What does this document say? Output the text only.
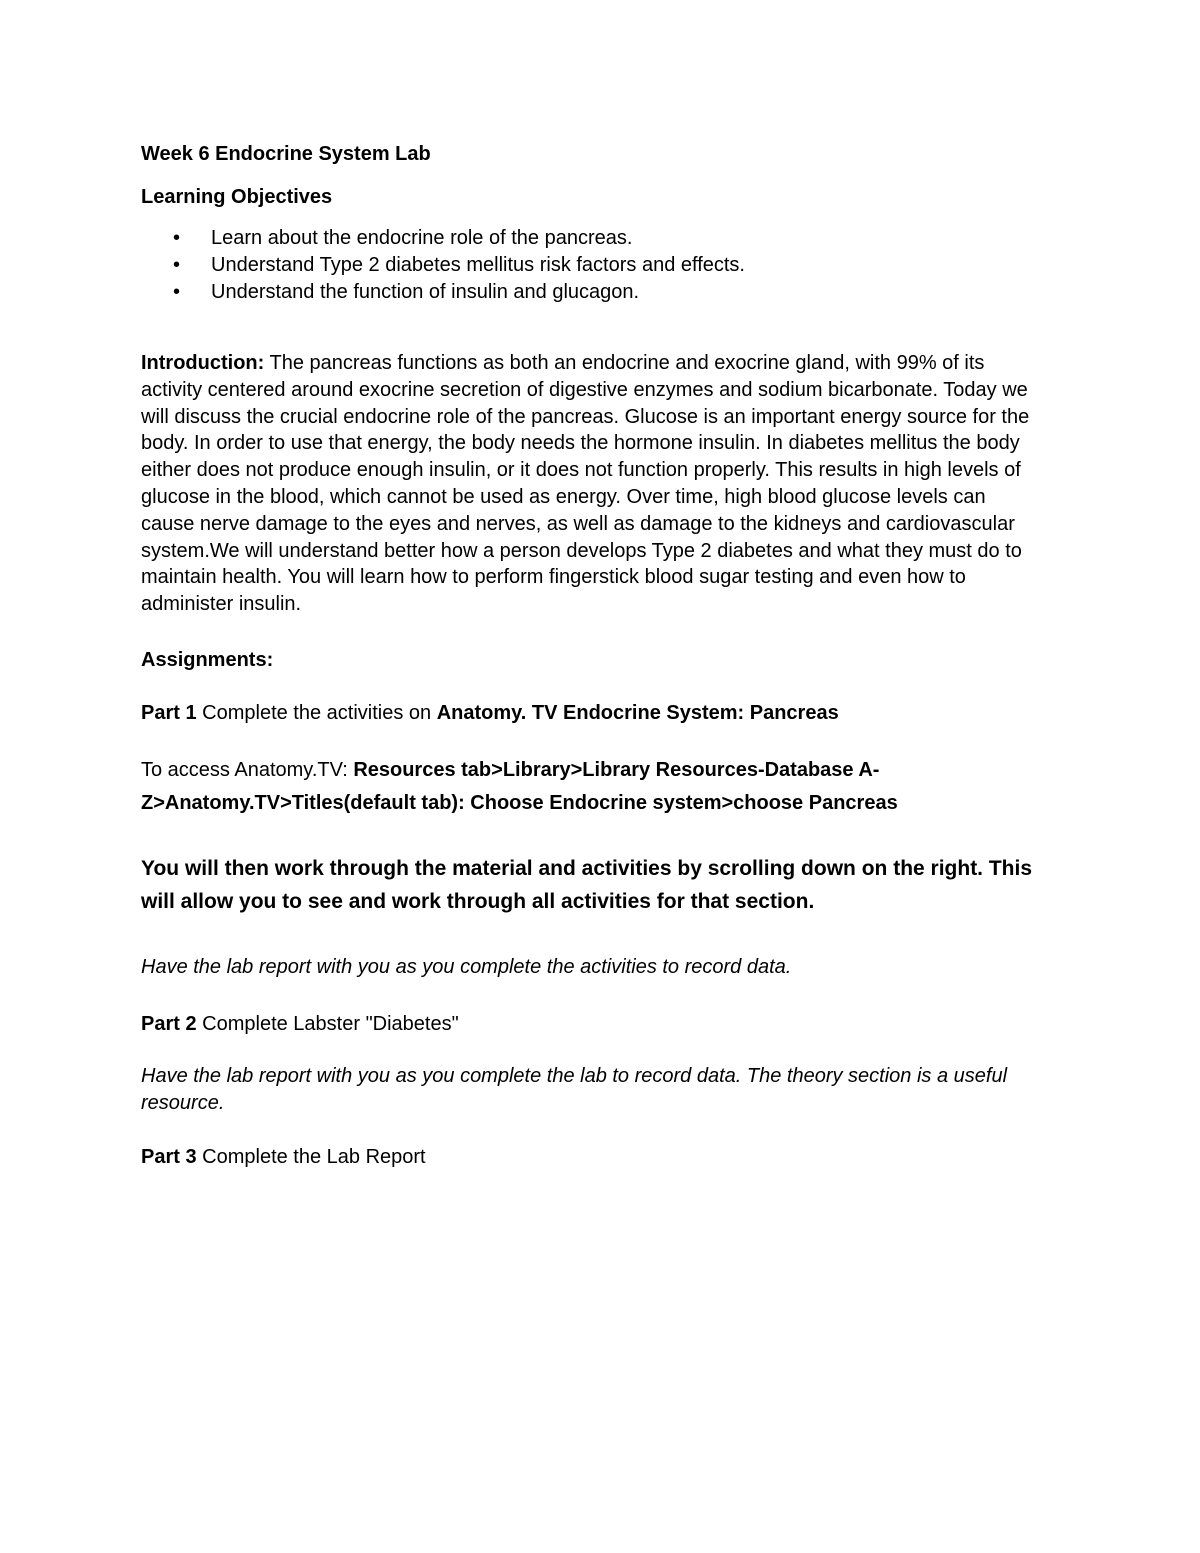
Week 6 Endocrine System Lab
Learning Objectives
• Learn about the endocrine role of the pancreas.
• Understand Type 2 diabetes mellitus risk factors and effects.
• Understand the function of insulin and glucagon.

Introduction: The pancreas functions as both an endocrine and exocrine gland, with 99% of its activity centered around exocrine secretion of digestive enzymes and sodium bicarbonate. Today we will discuss the crucial endocrine role of the pancreas. Glucose is an important energy source for the body. In order to use that energy, the body needs the hormone insulin. In diabetes mellitus the body either does not produce enough insulin, or it does not function properly. This results in high levels of glucose in the blood, which cannot be used as energy. Over time, high blood glucose levels can cause nerve damage to the eyes and nerves, as well as damage to the kidneys and cardiovascular system.We will understand better how a person develops Type 2 diabetes and what they must do to maintain health. You will learn how to perform fingerstick blood sugar testing and even how to administer insulin.

Assignments:

Part 1 Complete the activities on Anatomy. TV Endocrine System: Pancreas

To access Anatomy.TV: Resources tab>Library>Library Resources-Database A-Z>Anatomy.TV>Titles(default tab): Choose Endocrine system>choose Pancreas

You will then work through the material and activities by scrolling down on the right. This will allow you to see and work through all activities for that section.

Have the lab report with you as you complete the activities to record data.

Part 2 Complete Labster "Diabetes"

Have the lab report with you as you complete the lab to record data. The theory section is a useful resource.

Part 3 Complete the Lab Report
